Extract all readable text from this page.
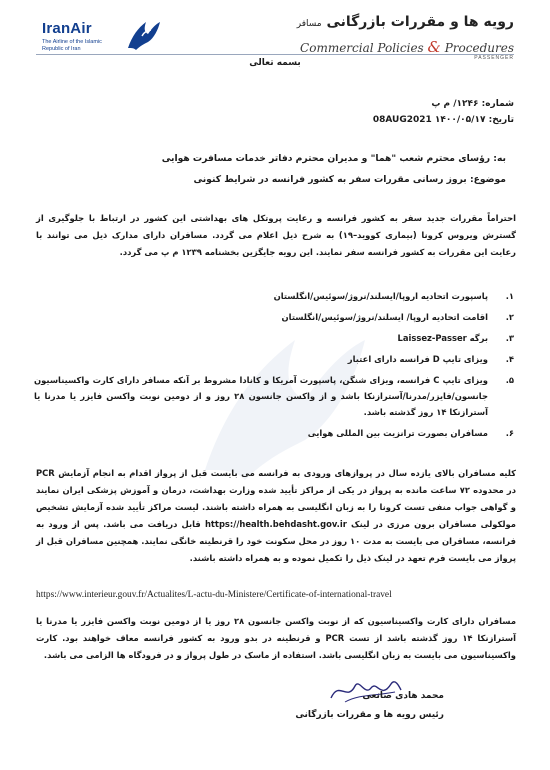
IranAir
The Airline of the Islamic Republic of Iran
رویه ها و مقررات بازرگانی مسافر
Commercial Policies & Procedures
PASSENGER
بسمه تعالی
شماره: ۱۲۴۶/ م پ
تاریخ: ۱۴۰۰/۰۵/۱۷ 08AUG2021
به: رؤسای محترم شعب "هما" و مدیران محترم دفاتر خدمات مسافرت هوایی
موضوع: بروز رسانی مقررات سفر به کشور فرانسه در شرایط کنونی
احتراماً مقررات جدید سفر به کشور فرانسه و رعایت پروتکل های بهداشتی این کشور در ارتباط با جلوگیری از گسترش ویروس کرونا (بیماری کووید–۱۹) به شرح ذیل اعلام می گردد. مسافران دارای مدارک ذیل می توانند با رعایت این مقررات به کشور فرانسه سفر نمایند. این رویه جایگزین بخشنامه ۱۲۳۹ م پ می گردد.
۱.
پاسپورت اتحادیه اروپا/ایسلند/نروژ/سوئیس/انگلستان
۲.
اقامت اتحادیه اروپا/ ایسلند/نروژ/سوئیس/انگلستان
۳.
برگه Laissez-Passer
۴.
ویزای تایپ D فرانسه دارای اعتبار
۵.
ویزای تایپ C فرانسه، ویزای شنگن، پاسپورت آمریکا و کانادا مشروط بر آنکه مسافر دارای کارت واکسیناسیون جانسون/فایزر/مدرنا/آسترازنکا باشد و از واکسن جانسون ۲۸ روز و از دومین نوبت واکسن فایزر یا مدرنا یا آسترازنکا ۱۴ روز گذشته باشد.
۶.
مسافران بصورت ترانزیت بین المللی هوایی
کلیه مسافران بالای یازده سال در پروازهای ورودی به فرانسه می بایست قبل از پرواز اقدام به انجام آزمایش PCR در محدوده ۷۲ ساعت مانده به پرواز در یکی از مراکز تأیید شده وزارت بهداشت، درمان و آموزش پزشکی ایران نمایند و گواهی جواب منفی تست کرونا را به زبان انگلیسی به همراه داشته باشند. لیست مراکز تأیید شده آزمایش تشخیص مولکولی مسافران برون مرزی در لینک https://health.behdasht.gov.ir قابل دریافت می باشد. پس از ورود به فرانسه، مسافران می بایست به مدت ۱۰ روز در محل سکونت خود را قرنطینه خانگی نمایند. همچنین مسافران قبل از پرواز می بایست فرم تعهد در لینک ذیل را تکمیل نموده و به همراه داشته باشند.
https://www.interieur.gouv.fr/Actualites/L-actu-du-Ministere/Certificate-of-international-travel
مسافران دارای کارت واکسیناسیون که از نوبت واکسن جانسون ۲۸ روز یا از دومین نوبت واکسن فایزر یا مدرنا یا آسترازنکا ۱۴ روز گذشته باشد از تست PCR و قرنطینه در بدو ورود به کشور فرانسه معاف خواهند بود. کارت واکسیناسیون می بایست به زبان انگلیسی باشد. استفاده از ماسک در طول پرواز و در فرودگاه ها الزامی می باشد.
محمد هادی صانعی
رئیس رویه ها و مقررات بازرگانی
